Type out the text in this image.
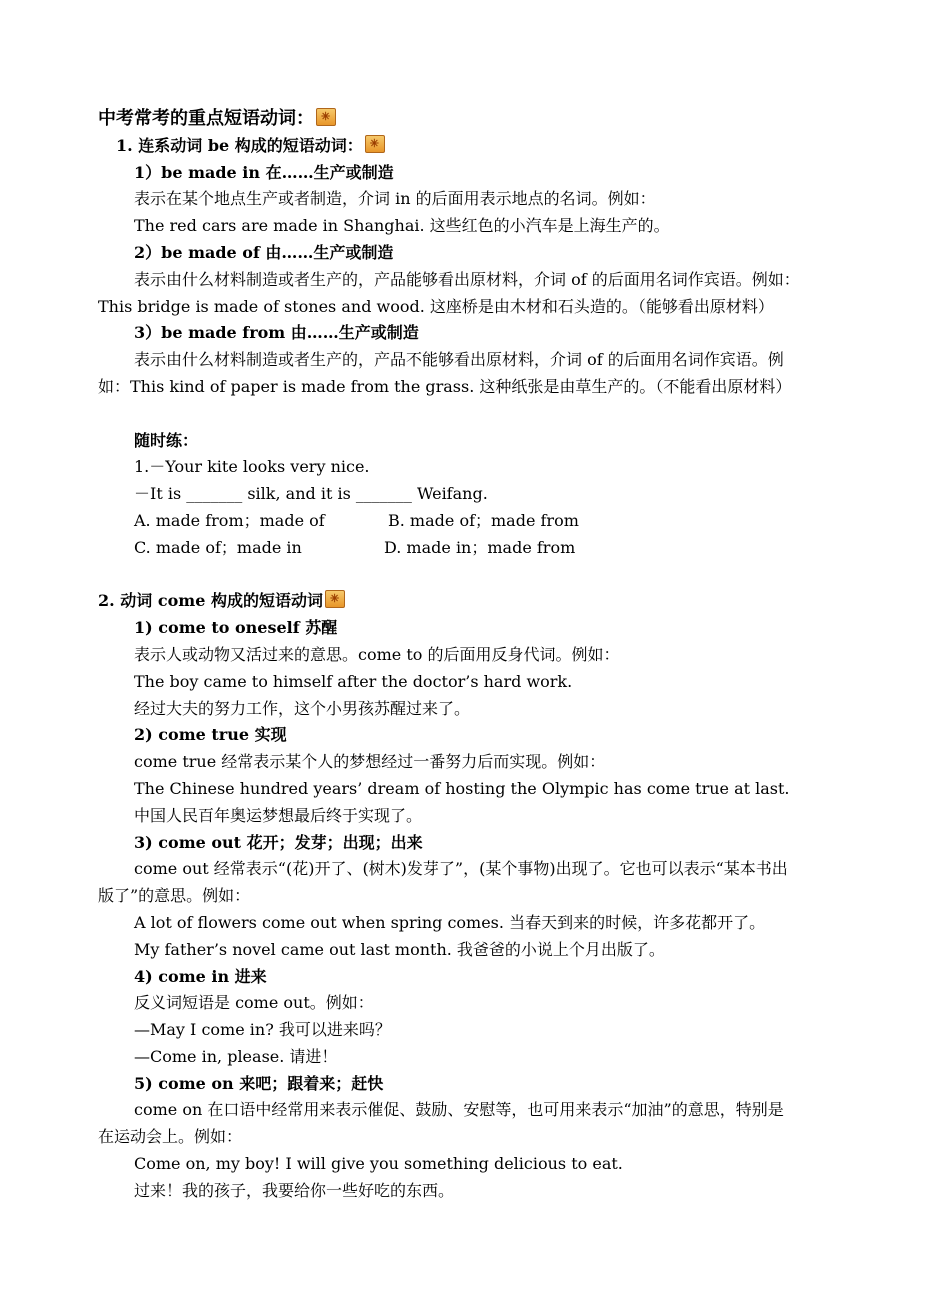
中考常考的重点短语动词：✳
1. 连系动词 be 构成的短语动词：✳
1）be made in 在……生产或制造
表示在某个地点生产或者制造，介词 in 的后面用表示地点的名词。例如：
The red cars are made in Shanghai. 这些红色的小汽车是上海生产的。
2）be made of 由……生产或制造
表示由什么材料制造或者生产的，产品能够看出原材料，介词 of 的后面用名词作宾语。例如：
This bridge is made of stones and wood. 这座桥是由木材和石头造的。（能够看出原材料）
3）be made from 由……生产或制造
表示由什么材料制造或者生产的，产品不能够看出原材料，介词 of 的后面用名词作宾语。例
如：This kind of paper is made from the grass. 这种纸张是由草生产的。（不能看出原材料）
随时练：
1.－Your kite looks very nice.
－It is _______ silk, and it is _______ Weifang.
A. made from；made of	B. made of；made from
C. made of；made in	D. made in；made from
2. 动词 come 构成的短语动词✳
1) come to oneself 苏醒
表示人或动物又活过来的意思。come to 的后面用反身代词。例如：
The boy came to himself after the doctor’s hard work.
经过大夫的努力工作，这个小男孩苏醒过来了。
2) come true 实现
come true 经常表示某个人的梦想经过一番努力后而实现。例如：
The Chinese hundred years’ dream of hosting the Olympic has come true at last.
中国人民百年奥运梦想最后终于实现了。
3) come out 花开；发芽；出现；出来
come out 经常表示“(花)开了、(树木)发芽了”，(某个事物)出现了。它也可以表示“某本书出
版了”的意思。例如：
A lot of flowers come out when spring comes. 当春天到来的时候，许多花都开了。
My father’s novel came out last month. 我爸爸的小说上个月出版了。
4) come in 进来
反义词短语是 come out。例如：
—May I come in? 我可以进来吗？
—Come in, please. 请进！
5) come on 来吧；跟着来；赶快
come on 在口语中经常用来表示催促、鼓励、安慰等，也可用来表示“加油”的意思，特别是
在运动会上。例如：
Come on, my boy! I will give you something delicious to eat.
过来！我的孩子，我要给你一些好吃的东西。
